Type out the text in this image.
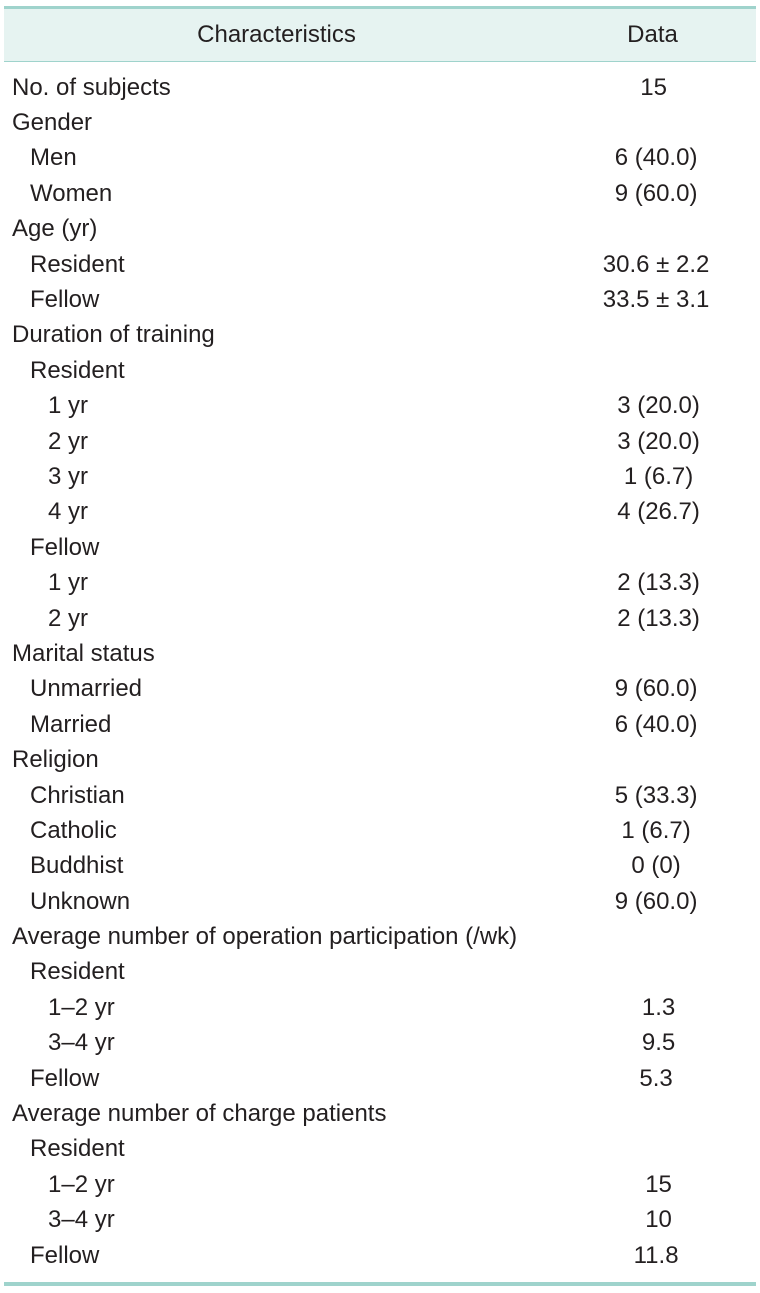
Characteristics	Data
No. of subjects	15
Gender
Men	6 (40.0)
Women	9 (60.0)
Age (yr)
Resident	30.6 ± 2.2
Fellow	33.5 ± 3.1
Duration of training
Resident
1 yr	3 (20.0)
2 yr	3 (20.0)
3 yr	1 (6.7)
4 yr	4 (26.7)
Fellow
1 yr	2 (13.3)
2 yr	2 (13.3)
Marital status
Unmarried	9 (60.0)
Married	6 (40.0)
Religion
Christian	5 (33.3)
Catholic	1 (6.7)
Buddhist	0 (0)
Unknown	9 (60.0)
Average number of operation participation (/wk)
Resident
1–2 yr	1.3
3–4 yr	9.5
Fellow	5.3
Average number of charge patients
Resident
1–2 yr	15
3–4 yr	10
Fellow	11.8
